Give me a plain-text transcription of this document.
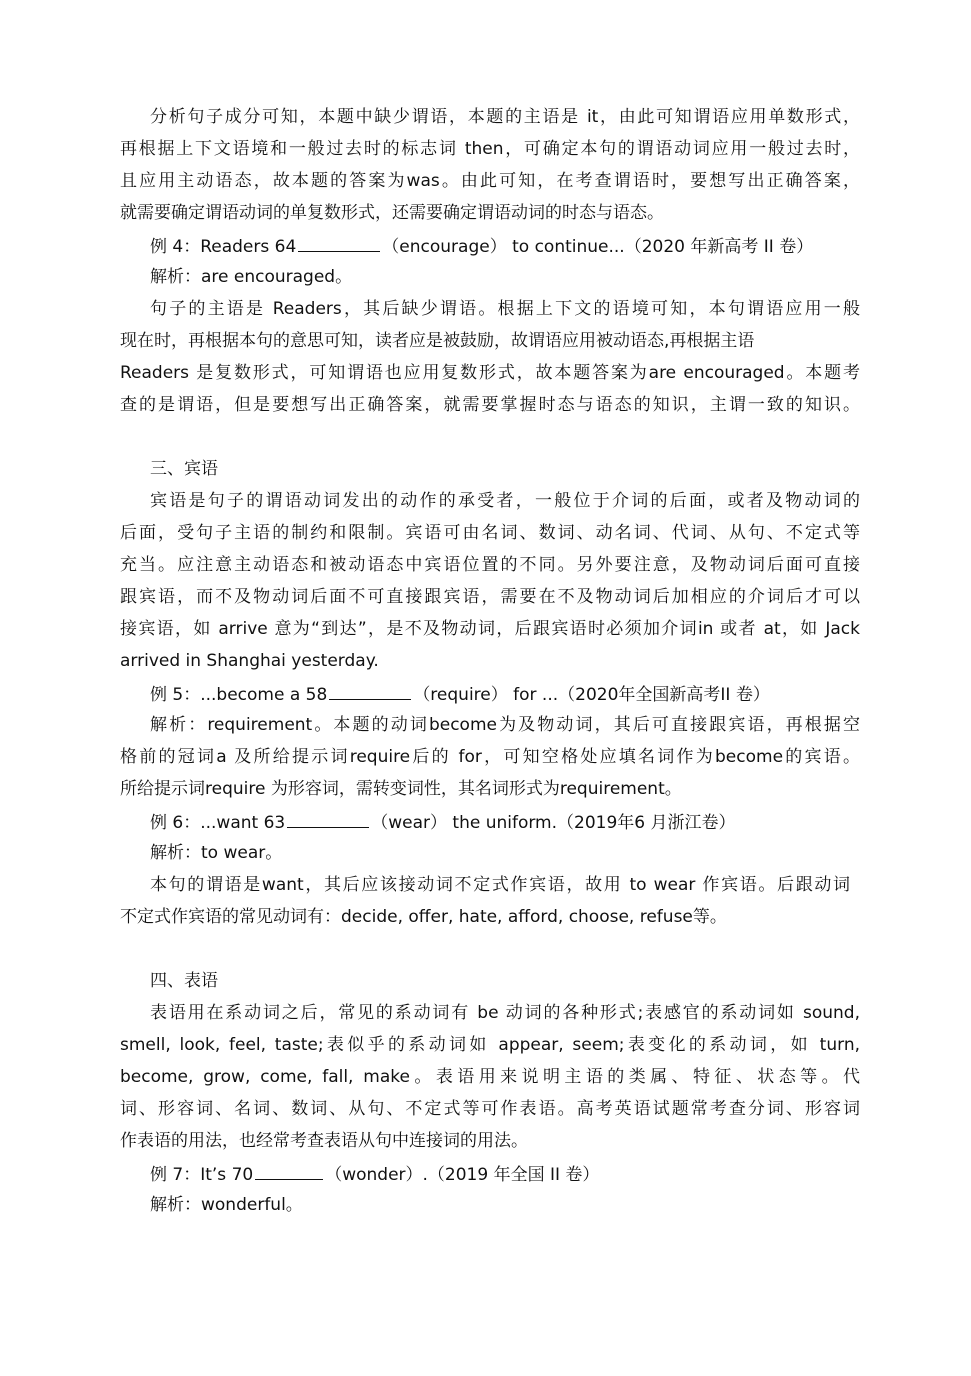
分析句子成分可知，本题中缺少谓语，本题的主语是 it，由此可知谓语应用单数形式，
再根据上下文语境和一般过去时的标志词 then，可确定本句的谓语动词应用一般过去时，
且应用主动语态，故本题的答案为was。由此可知，在考查谓语时，要想写出正确答案，
就需要确定谓语动词的单复数形式，还需要确定谓语动词的时态与语态。
例 4：Readers 64	（encourage） to continue...（2020 年新高考 II 卷）
解析：are encouraged。
句子的主语是 Readers，其后缺少谓语。根据上下文的语境可知，本句谓语应用一般
现在时，再根据本句的意思可知，读者应是被鼓励，故谓语应用被动语态,再根据主语
Readers 是复数形式，可知谓语也应用复数形式，故本题答案为are encouraged。本题考
查的是谓语，但是要想写出正确答案，就需要掌握时态与语态的知识，主谓一致的知识。
三、宾语
宾语是句子的谓语动词发出的动作的承受者，一般位于介词的后面，或者及物动词的
后面，受句子主语的制约和限制。宾语可由名词、数词、动名词、代词、从句、不定式等
充当。应注意主动语态和被动语态中宾语位置的不同。另外要注意，及物动词后面可直接
跟宾语，而不及物动词后面不可直接跟宾语，需要在不及物动词后加相应的介词后才可以
接宾语，如 arrive 意为“到达”，是不及物动词，后跟宾语时必须加介词in 或者 at，如 Jack
arrived in Shanghai yesterday.
例 5：...become a 58	（require） for ...（2020年全国新高考II 卷）
解析：requirement。本题的动词become为及物动词，其后可直接跟宾语，再根据空
格前的冠词a 及所给提示词require后的 for，可知空格处应填名词作为become的宾语。
所给提示词require 为形容词，需转变词性，其名词形式为requirement。
例 6：...want 63	（wear） the uniform.（2019年6 月浙江卷）
解析：to wear。
本句的谓语是want，其后应该接动词不定式作宾语，故用 to wear 作宾语。后跟动词
不定式作宾语的常见动词有：decide, offer, hate, afford, choose, refuse等。
四、表语
表语用在系动词之后，常见的系动词有 be 动词的各种形式;表感官的系动词如 sound,
smell, look, feel, taste;表似乎的系动词如 appear, seem;表变化的系动词，如 turn,
become, grow, come, fall, make。表语用来说明主语的类属、特征、状态等。代
词、形容词、名词、数词、从句、不定式等可作表语。高考英语试题常考查分词、形容词
作表语的用法，也经常考查表语从句中连接词的用法。
例 7：It’s 70	（wonder）.（2019 年全国 II 卷）
解析：wonderful。
